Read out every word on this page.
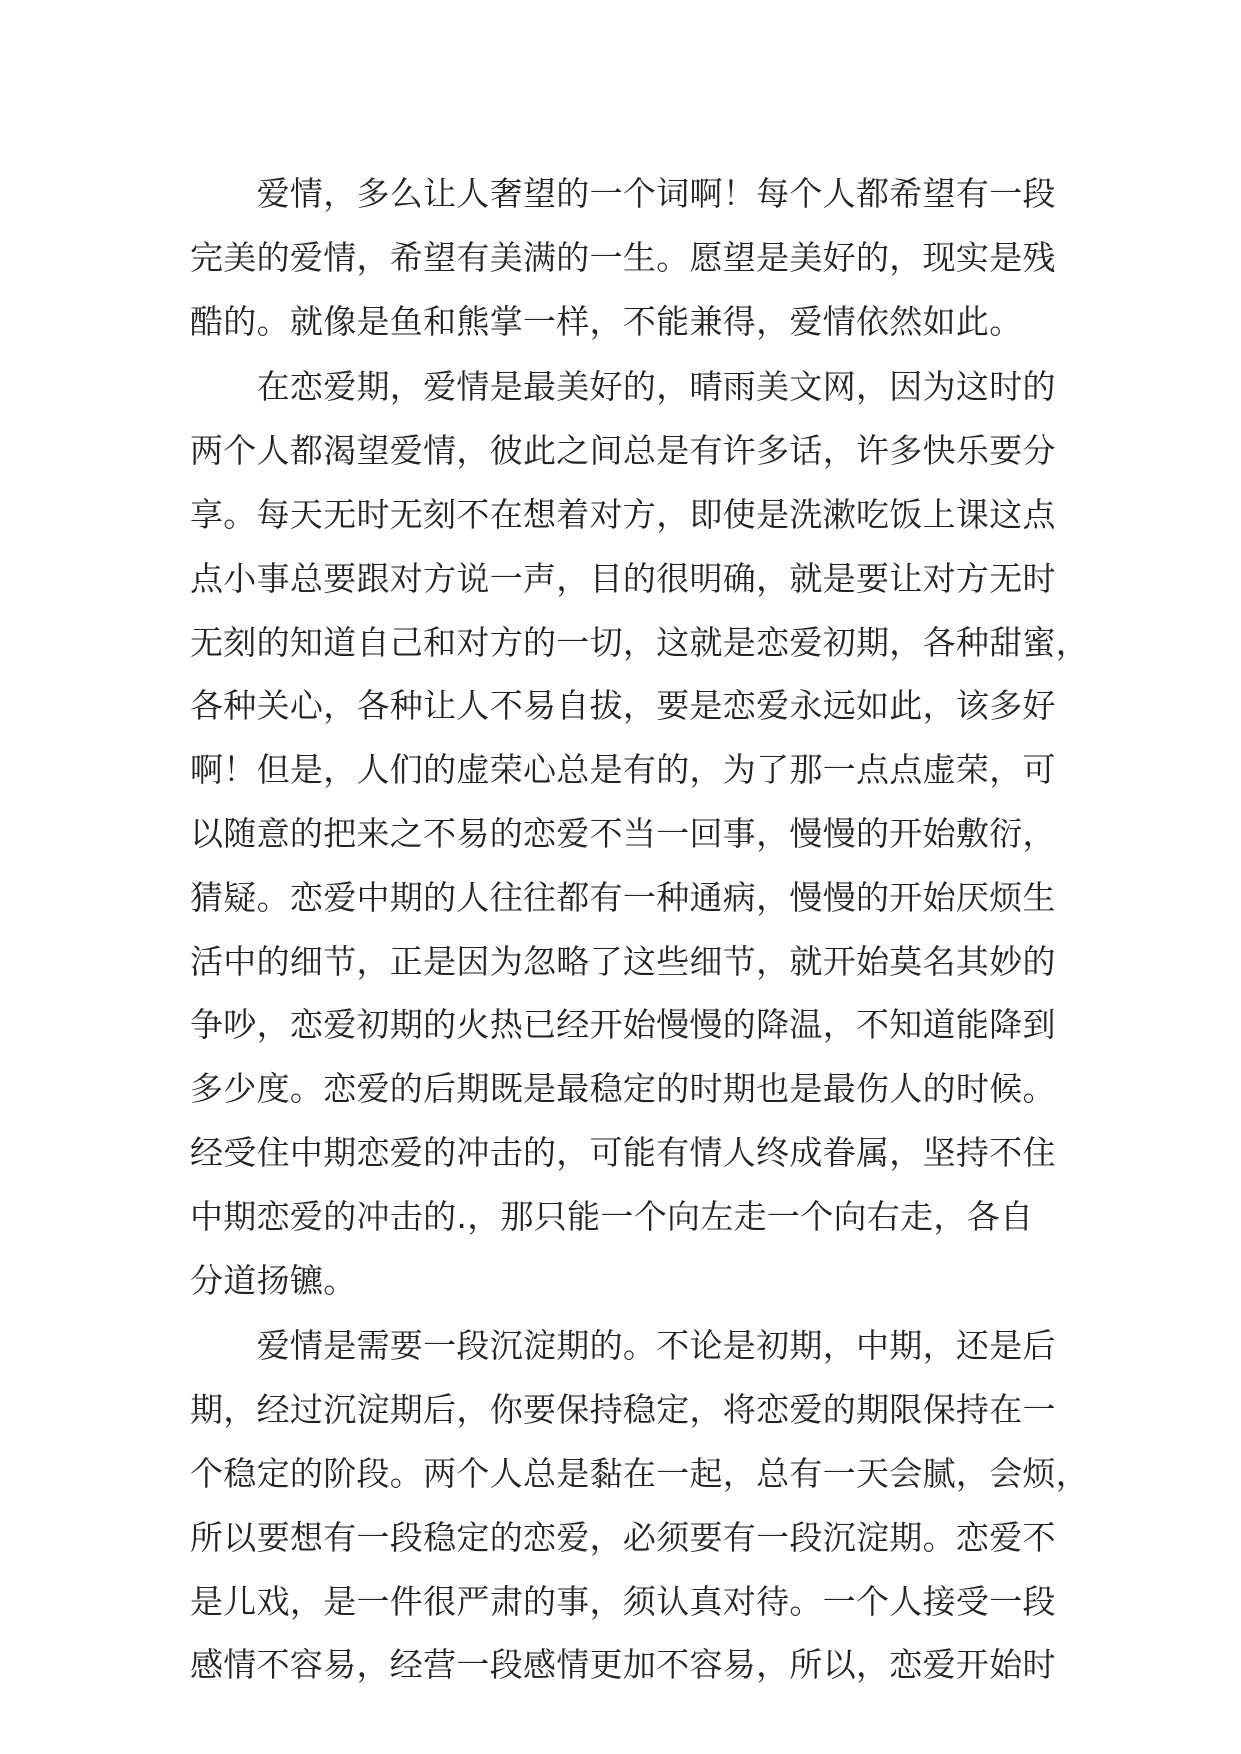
　　爱情，多么让人奢望的一个词啊！每个人都希望有一段
完美的爱情，希望有美满的一生。愿望是美好的，现实是残
酷的。就像是鱼和熊掌一样，不能兼得，爱情依然如此。
　　在恋爱期，爱情是最美好的，晴雨美文网，因为这时的
两个人都渴望爱情，彼此之间总是有许多话，许多快乐要分
享。每天无时无刻不在想着对方，即使是洗漱吃饭上课这点
点小事总要跟对方说一声，目的很明确，就是要让对方无时
无刻的知道自己和对方的一切，这就是恋爱初期，各种甜蜜，
各种关心，各种让人不易自拔，要是恋爱永远如此，该多好
啊！但是，人们的虚荣心总是有的，为了那一点点虚荣，可
以随意的把来之不易的恋爱不当一回事，慢慢的开始敷衍，
猜疑。恋爱中期的人往往都有一种通病，慢慢的开始厌烦生
活中的细节，正是因为忽略了这些细节，就开始莫名其妙的
争吵，恋爱初期的火热已经开始慢慢的降温，不知道能降到
多少度。恋爱的后期既是最稳定的时期也是最伤人的时候。
经受住中期恋爱的冲击的，可能有情人终成眷属，坚持不住
中期恋爱的冲击的.，那只能一个向左走一个向右走，各自
分道扬镳。
　　爱情是需要一段沉淀期的。不论是初期，中期，还是后
期，经过沉淀期后，你要保持稳定，将恋爱的期限保持在一
个稳定的阶段。两个人总是黏在一起，总有一天会腻，会烦，
所以要想有一段稳定的恋爱，必须要有一段沉淀期。恋爱不
是儿戏，是一件很严肃的事，须认真对待。一个人接受一段
感情不容易，经营一段感情更加不容易，所以，恋爱开始时
